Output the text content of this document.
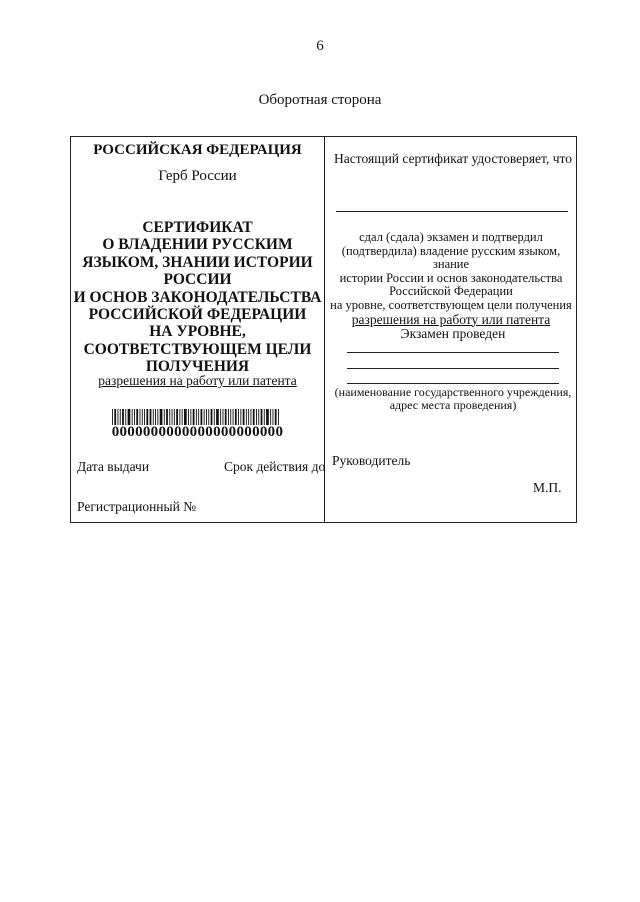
6
Оборотная сторона
РОССИЙСКАЯ ФЕДЕРАЦИЯ
Герб России
СЕРТИФИКАТ
О ВЛАДЕНИИ РУССКИМ
ЯЗЫКОМ, ЗНАНИИ ИСТОРИИ
РОССИИ
И ОСНОВ ЗАКОНОДАТЕЛЬСТВА
РОССИЙСКОЙ ФЕДЕРАЦИИ
НА УРОВНЕ,
СООТВЕТСТВУЮЩЕМ ЦЕЛИ
ПОЛУЧЕНИЯ
разрешения на работу или патента
0000000000000000000000
Дата выдачи	Срок действия до
Регистрационный №
Настоящий сертификат удостоверяет, что
сдал (сдала) экзамен и подтвердил
(подтвердила) владение русским языком, знание
истории России и основ законодательства
Российской Федерации
на уровне, соответствующем цели получения
разрешения на работу или патента
Экзамен проведен
(наименование государственного учреждения,
адрес места проведения)
Руководитель
М.П.
